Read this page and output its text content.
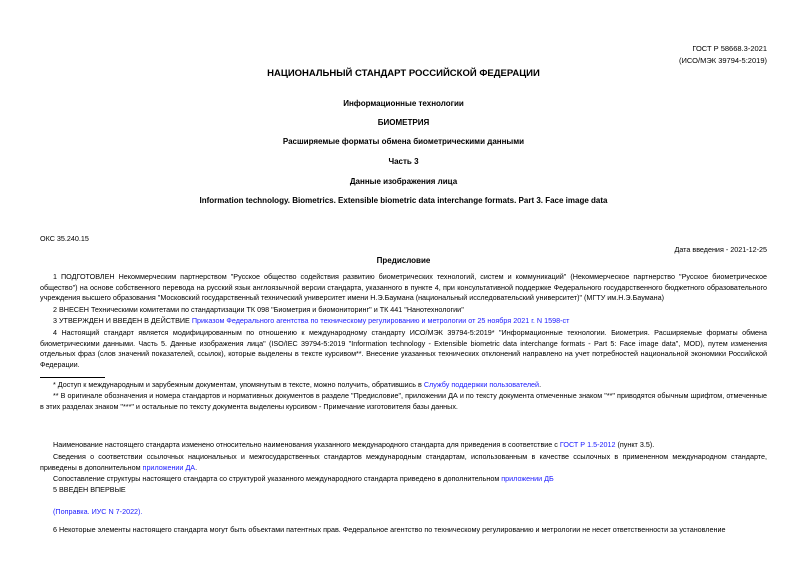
ГОСТ Р 58668.3-2021
(ИСО/МЭК 39794-5:2019)
НАЦИОНАЛЬНЫЙ СТАНДАРТ РОССИЙСКОЙ ФЕДЕРАЦИИ
Информационные технологии
БИОМЕТРИЯ
Расширяемые форматы обмена биометрическими данными
Часть 3
Данные изображения лица
Information technology. Biometrics. Extensible biometric data interchange formats. Part 3. Face image data
ОКС 35.240.15
Дата введения - 2021-12-25
Предисловие
1 ПОДГОТОВЛЕН Некоммерческим партнерством "Русское общество содействия развитию биометрических технологий, систем и коммуникаций" (Некоммерческое партнерство "Русское биометрическое общество") на основе собственного перевода на русский язык англоязычной версии стандарта, указанного в пункте 4, при консультативной поддержке Федерального государственного бюджетного образовательного учреждения высшего образования "Московский государственный технический университет имени Н.Э.Баумана (национальный исследовательский университет)" (МГТУ им.Н.Э.Баумана)
2 ВНЕСЕН Техническими комитетами по стандартизации ТК 098 "Биометрия и биомониторинг" и ТК 441 "Нанотехнологии"
3 УТВЕРЖДЕН И ВВЕДЕН В ДЕЙСТВИЕ Приказом Федерального агентства по техническому регулированию и метрологии от 25 ноября 2021 г. N 1598-ст
4 Настоящий стандарт является модифицированным по отношению к международному стандарту ИСО/МЭК 39794-5:2019* "Информационные технологии. Биометрия. Расширяемые форматы обмена биометрическими данными. Часть 5. Данные изображения лица" (ISO/IEC 39794-5:2019 "Information technology - Extensible biometric data interchange formats - Part 5: Face image data", MOD), путем изменения отдельных фраз (слов значений показателей, ссылок), которые выделены в тексте курсивом**. Внесение указанных технических отклонений направлено на учет потребностей национальной экономики Российской Федерации.
* Доступ к международным и зарубежным документам, упомянутым в тексте, можно получить, обратившись в Службу поддержки пользователей.
** В оригинале обозначения и номера стандартов и нормативных документов в разделе "Предисловие", приложении ДА и по тексту документа отмеченные знаком "**" приводятся обычным шрифтом, отмеченные в этих разделах знаком "***" и остальные по тексту документа выделены курсивом - Примечание изготовителя базы данных.
Наименование настоящего стандарта изменено относительно наименования указанного международного стандарта для приведения в соответствие с ГОСТ Р 1.5-2012 (пункт 3.5).
Сведения о соответствии ссылочных национальных и межгосударственных стандартов международным стандартам, использованным в качестве ссылочных в примененном международном стандарте, приведены в дополнительном приложении ДА.
Сопоставление структуры настоящего стандарта со структурой указанного международного стандарта приведено в дополнительном приложении ДБ
5 ВВЕДЕН ВПЕРВЫЕ
(Поправка. ИУС N 7-2022).
6 Некоторые элементы настоящего стандарта могут быть объектами патентных прав. Федеральное агентство по техническому регулированию и метрологии не несет ответственности за установление
